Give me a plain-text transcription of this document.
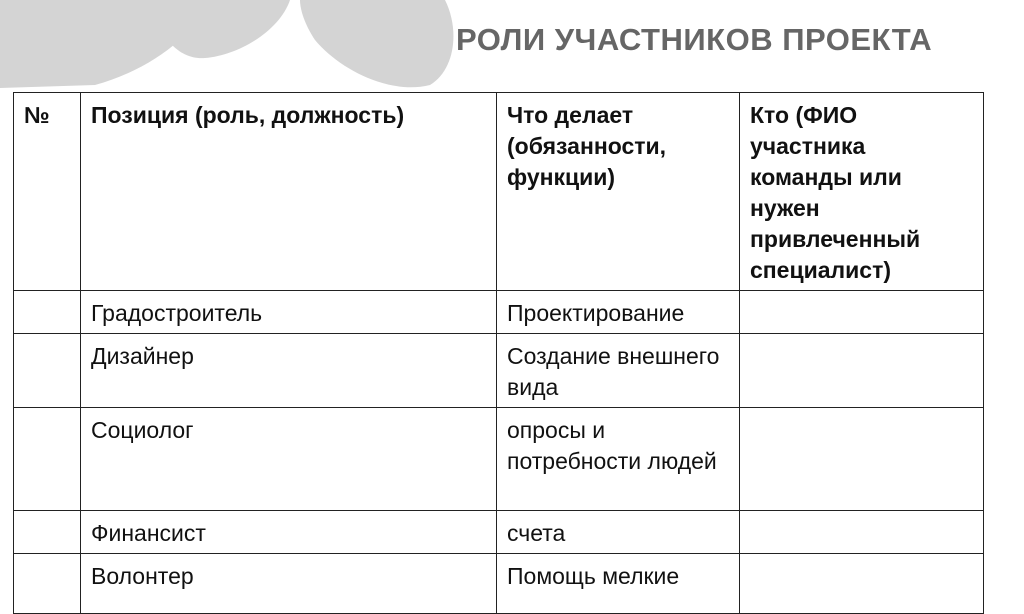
РОЛИ УЧАСТНИКОВ ПРОЕКТА
№	Позиция (роль, должность)	Что делает (обязанности, функции)	Кто (ФИО участника команды или нужен привлеченный специалист)
	Градостроитель	Проектирование	
	Дизайнер	Создание внешнего вида	
	Социолог	опросы и потребности людей	
	Финансист	счета	
	Волонтер	Помощь мелкие	
